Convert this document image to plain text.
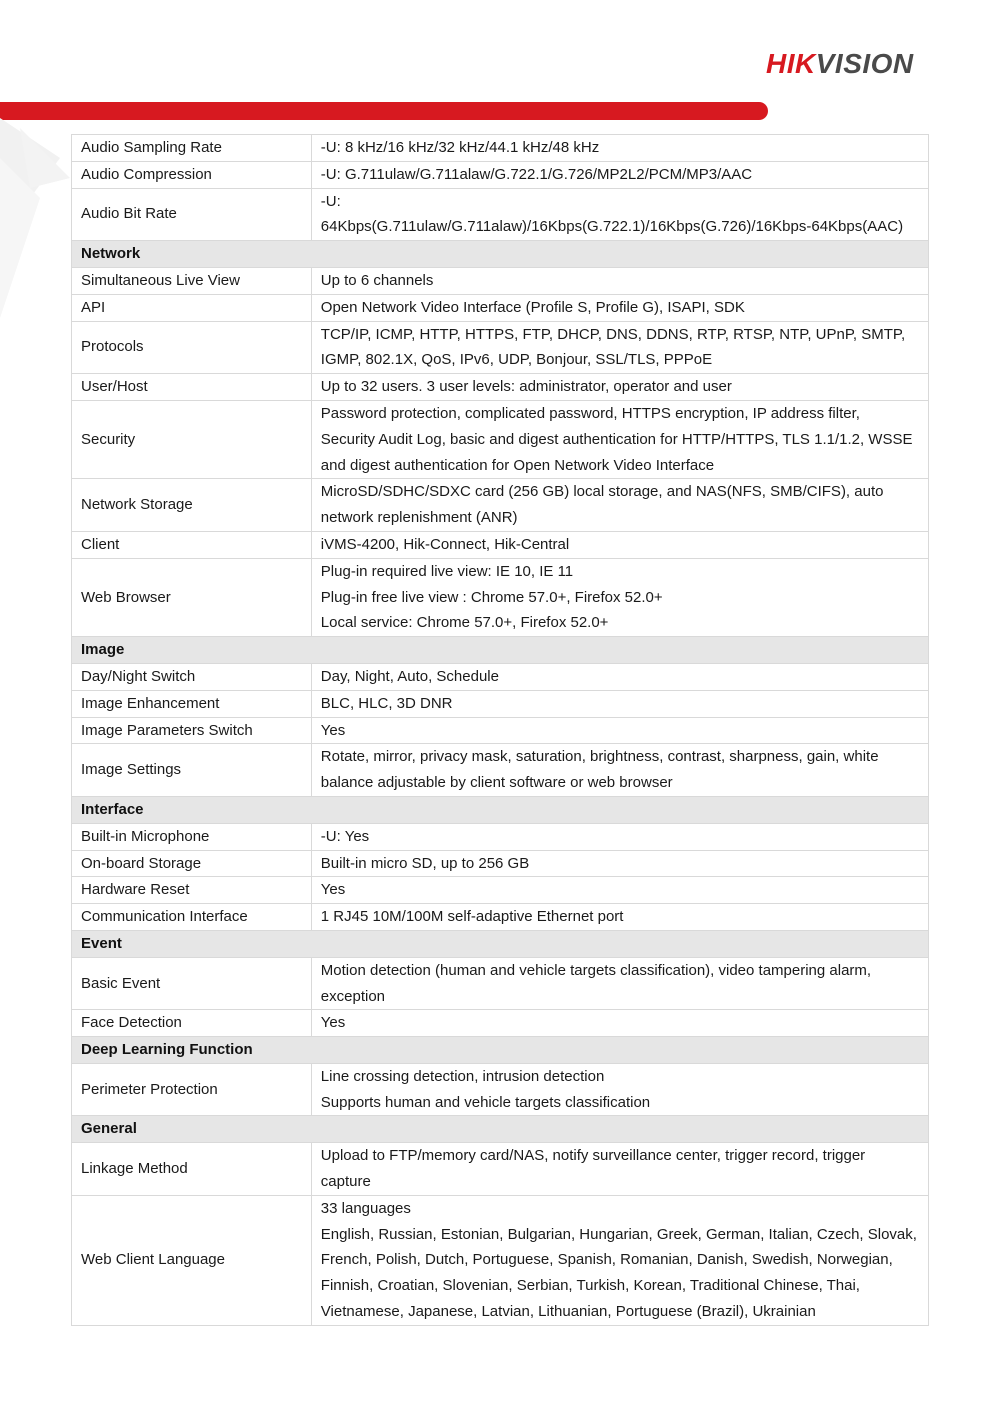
HIKVISION
Audio Sampling Rate	-U: 8 kHz/16 kHz/32 kHz/44.1 kHz/48 kHz

Audio Compression	-U: G.711ulaw/G.711alaw/G.722.1/G.726/MP2L2/PCM/MP3/AAC

Audio Bit Rate	-U:
64Kbps(G.711ulaw/G.711alaw)/16Kbps(G.722.1)/16Kbps(G.726)/16Kbps-64Kbps(AAC)

Network	
Simultaneous Live View	Up to 6 channels

API	Open Network Video Interface (Profile S, Profile G), ISAPI, SDK

Protocols	TCP/IP, ICMP, HTTP, HTTPS, FTP, DHCP, DNS, DDNS, RTP, RTSP, NTP, UPnP, SMTP,
IGMP, 802.1X, QoS, IPv6, UDP, Bonjour, SSL/TLS, PPPoE

User/Host	Up to 32 users. 3 user levels: administrator, operator and user

Security	Password protection, complicated password, HTTPS encryption, IP address filter,
Security Audit Log, basic and digest authentication for HTTP/HTTPS, TLS 1.1/1.2, WSSE
and digest authentication for Open Network Video Interface

Network Storage	MicroSD/SDHC/SDXC card (256 GB) local storage, and NAS(NFS, SMB/CIFS), auto
network replenishment (ANR)

Client	iVMS-4200, Hik-Connect, Hik-Central

Web Browser	Plug-in required live view: IE 10, IE 11
Plug-in free live view : Chrome 57.0+, Firefox 52.0+
Local service: Chrome 57.0+, Firefox 52.0+

Image	
Day/Night Switch	Day, Night, Auto, Schedule

Image Enhancement	BLC, HLC, 3D DNR

Image Parameters Switch	Yes

Image Settings	Rotate, mirror, privacy mask, saturation, brightness, contrast, sharpness, gain, white
balance adjustable by client software or web browser

Interface	
Built-in Microphone	-U: Yes

On-board Storage	Built-in micro SD, up to 256 GB

Hardware Reset	Yes

Communication Interface	1 RJ45 10M/100M self-adaptive Ethernet port

Event	
Basic Event	Motion detection (human and vehicle targets classification), video tampering alarm,
exception

Face Detection	Yes

Deep Learning Function	
Perimeter Protection	Line crossing detection, intrusion detection
Supports human and vehicle targets classification

General	
Linkage Method	Upload to FTP/memory card/NAS, notify surveillance center, trigger record, trigger
capture

Web Client Language	33 languages
English, Russian, Estonian, Bulgarian, Hungarian, Greek, German, Italian, Czech, Slovak,
French, Polish, Dutch, Portuguese, Spanish, Romanian, Danish, Swedish, Norwegian,
Finnish, Croatian, Slovenian, Serbian, Turkish, Korean, Traditional Chinese, Thai,
Vietnamese, Japanese, Latvian, Lithuanian, Portuguese (Brazil), Ukrainian
